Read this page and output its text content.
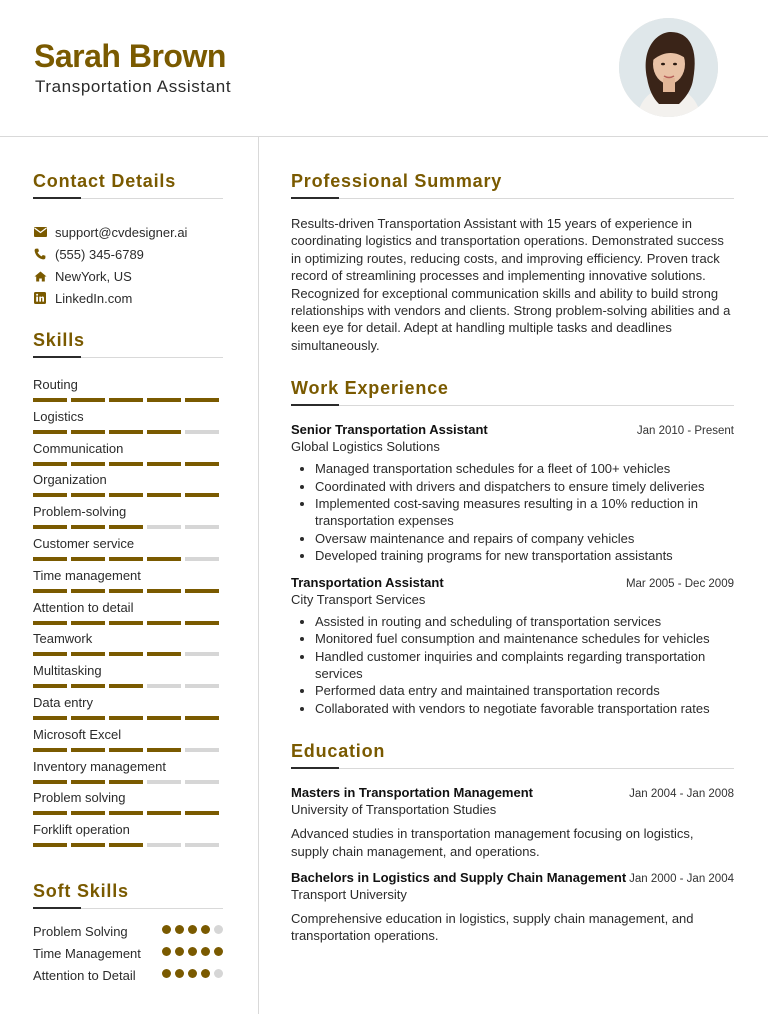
Sarah Brown
Transportation Assistant
Contact Details
support@cvdesigner.ai
(555) 345-6789
NewYork, US
LinkedIn.com
Skills
Routing
Logistics
Communication
Organization
Problem-solving
Customer service
Time management
Attention to detail
Teamwork
Multitasking
Data entry
Microsoft Excel
Inventory management
Problem solving
Forklift operation
Soft Skills
Problem Solving
Time Management
Attention to Detail
Professional Summary

Results-driven Transportation Assistant with 15 years of experience in coordinating logistics and transportation operations. Demonstrated success in optimizing routes, reducing costs, and improving efficiency. Proven track record of streamlining processes and implementing innovative solutions. Recognized for exceptional communication skills and ability to build strong relationships with vendors and clients. Strong problem-solving abilities and a keen eye for detail. Adept at handling multiple tasks and deadlines simultaneously.

Work Experience
Senior Transportation Assistant	Jan 2010 - Present
Global Logistics Solutions
• Managed transportation schedules for a fleet of 100+ vehicles
• Coordinated with drivers and dispatchers to ensure timely deliveries
• Implemented cost-saving measures resulting in a 10% reduction in transportation expenses
• Oversaw maintenance and repairs of company vehicles
• Developed training programs for new transportation assistants
Transportation Assistant	Mar 2005 - Dec 2009
City Transport Services
• Assisted in routing and scheduling of transportation services
• Monitored fuel consumption and maintenance schedules for vehicles
• Handled customer inquiries and complaints regarding transportation services
• Performed data entry and maintained transportation records
• Collaborated with vendors to negotiate favorable transportation rates
Education
Masters in Transportation Management	Jan 2004 - Jan 2008
University of Transportation Studies

Advanced studies in transportation management focusing on logistics, supply chain management, and operations.

Bachelors in Logistics and Supply Chain Management Jan 2000 - Jan 2004
Transport University

Comprehensive education in logistics, supply chain management, and transportation operations.
